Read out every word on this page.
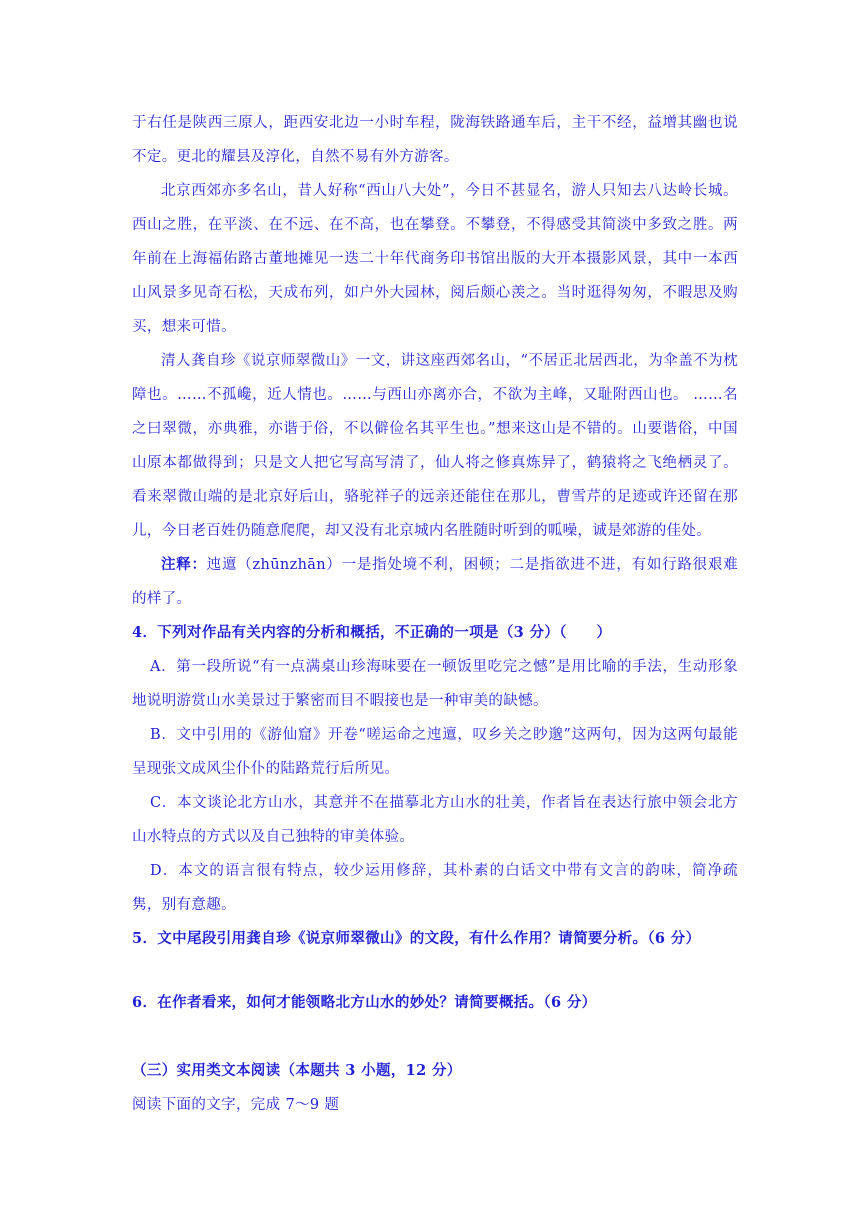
于右任是陕西三原人，距西安北边一小时车程，陇海铁路通车后，主干不经，益增其幽也说不定。更北的耀县及淳化，自然不易有外方游客。

北京西郊亦多名山，昔人好称“西山八大处”，今日不甚显名，游人只知去八达岭长城。西山之胜，在平淡、在不远、在不高，也在攀登。不攀登，不得感受其简淡中多致之胜。两年前在上海福佑路古董地摊见一迭二十年代商务印书馆出版的大开本摄影风景，其中一本西山风景多见奇石松，天成布列，如户外大园林，阅后颇心羡之。当时逛得匆匆，不暇思及购买，想来可惜。

清人龚自珍《说京师翠微山》一文，讲这座西郊名山，“不居正北居西北，为伞盖不为枕障也。……不孤巉，近人情也。……与西山亦离亦合，不欲为主峰，又耻附西山也。 ……名之曰翠微，亦典雅，亦谐于俗，不以僻俭名其平生也。”想来这山是不错的。山要谐俗，中国山原本都做得到；只是文人把它写高写清了，仙人将之修真炼异了，鹤猿将之飞绝栖灵了。看来翠微山端的是北京好后山，骆驼祥子的远亲还能住在那儿，曹雪芹的足迹或许还留在那儿，今日老百姓仍随意爬爬，却又没有北京城内名胜随时听到的呱噪，诚是郊游的佳处。

注释：迍邅（zhūnzhān）一是指处境不利，困顿；二是指欲进不进，有如行路很艰难的样了。

4．下列对作品有关内容的分析和概括，不正确的一项是（3 分）（　　）

A．第一段所说“有一点满桌山珍海味要在一顿饭里吃完之憾”是用比喻的手法，生动形象地说明游赏山水美景过于繁密而目不暇接也是一种审美的缺憾。

B．文中引用的《游仙窟》开卷“嗟运命之迍邅，叹乡关之眇邈”这两句，因为这两句最能呈现张文成风尘仆仆的陆路荒行后所见。

C．本文谈论北方山水，其意并不在描摹北方山水的壮美，作者旨在表达行旅中领会北方山水特点的方式以及自己独特的审美体验。

D．本文的语言很有特点，较少运用修辞，其朴素的白话文中带有文言的韵味，简净疏隽，别有意趣。

5．文中尾段引用龚自珍《说京师翠微山》的文段，有什么作用？请简要分析。（6 分）

6．在作者看来，如何才能领略北方山水的妙处？请简要概括。（6 分）

（三）实用类文本阅读（本题共 3 小题，12 分）

阅读下面的文字，完成 7～9 题
